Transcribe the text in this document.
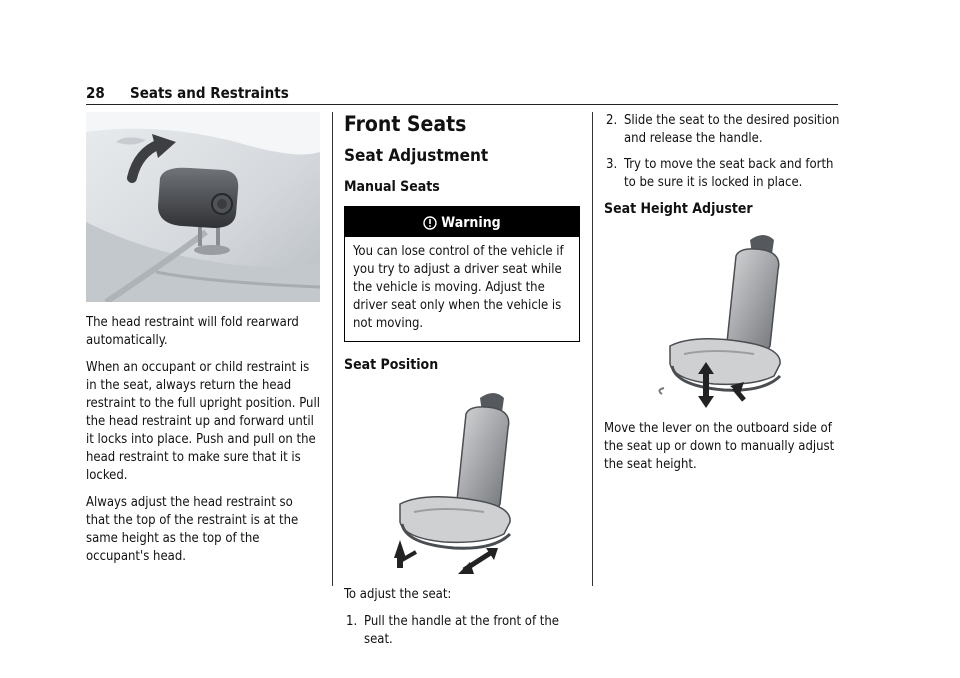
28 Seats and Restraints

The head restraint will fold rearward automatically.

When an occupant or child restraint is in the seat, always return the head restraint to the full upright position. Pull the head restraint up and forward until it locks into place. Push and pull on the head restraint to make sure that it is locked.

Always adjust the head restraint so that the top of the restraint is at the same height as the top of the occupant's head.

Front Seats
Seat Adjustment
Manual Seats
Warning
You can lose control of the vehicle if you try to adjust a driver seat while the vehicle is moving. Adjust the driver seat only when the vehicle is not moving.
Seat Position

To adjust the seat:

1. Pull the handle at the front of the seat.
2. Slide the seat to the desired position and release the handle.
3. Try to move the seat back and forth to be sure it is locked in place.
Seat Height Adjuster

Move the lever on the outboard side of the seat up or down to manually adjust the seat height.
